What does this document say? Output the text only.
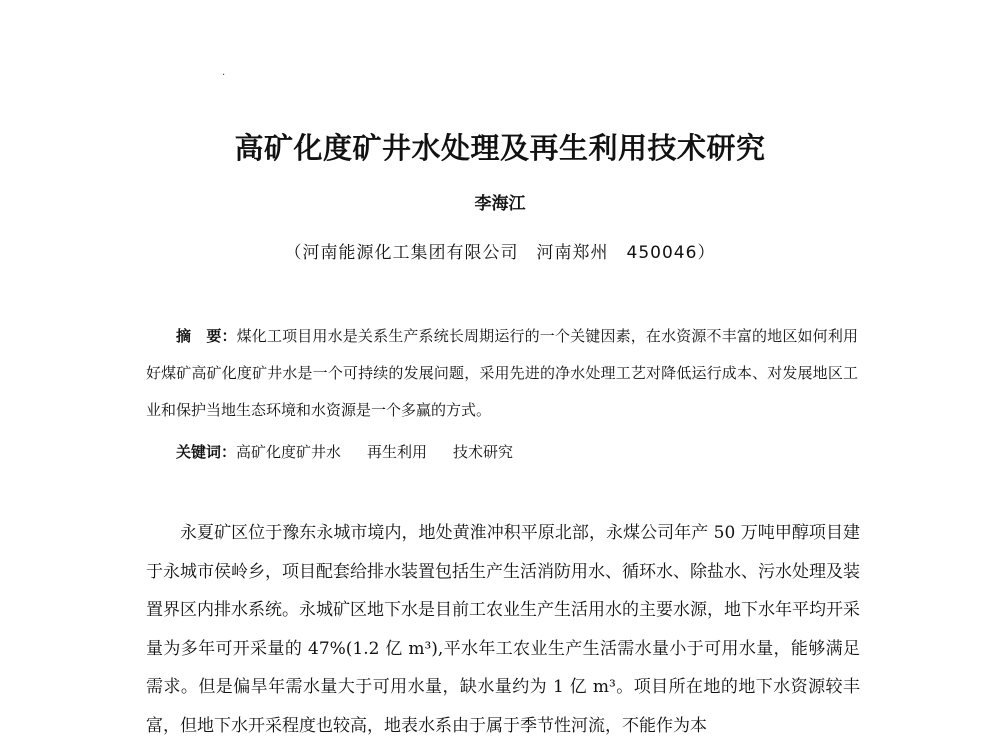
·
高矿化度矿井水处理及再生利用技术研究
李海江
（河南能源化工集团有限公司　河南郑州　450046）
摘　要：煤化工项目用水是关系生产系统长周期运行的一个关键因素，在水资源不丰富的地区如何利用好煤矿高矿化度矿井水是一个可持续的发展问题，采用先进的净水处理工艺对降低运行成本、对发展地区工业和保护当地生态环境和水资源是一个多赢的方式。
关键词：高矿化度矿井水 再生利用 技术研究

永夏矿区位于豫东永城市境内，地处黄淮冲积平原北部，永煤公司年产 50 万吨甲醇项目建于永城市侯岭乡，项目配套给排水装置包括生产生活消防用水、循环水、除盐水、污水处理及装置界区内排水系统。永城矿区地下水是目前工农业生产生活用水的主要水源，地下水年平均开采量为多年可开采量的 47%(1.2 亿 m³),平水年工农业生产生活需水量小于可用水量，能够满足需求。但是偏旱年需水量大于可用水量，缺水量约为 1 亿 m³。项目所在地的地下水资源较丰富，但地下水开采程度也较高，地表水系由于属于季节性河流，不能作为本
